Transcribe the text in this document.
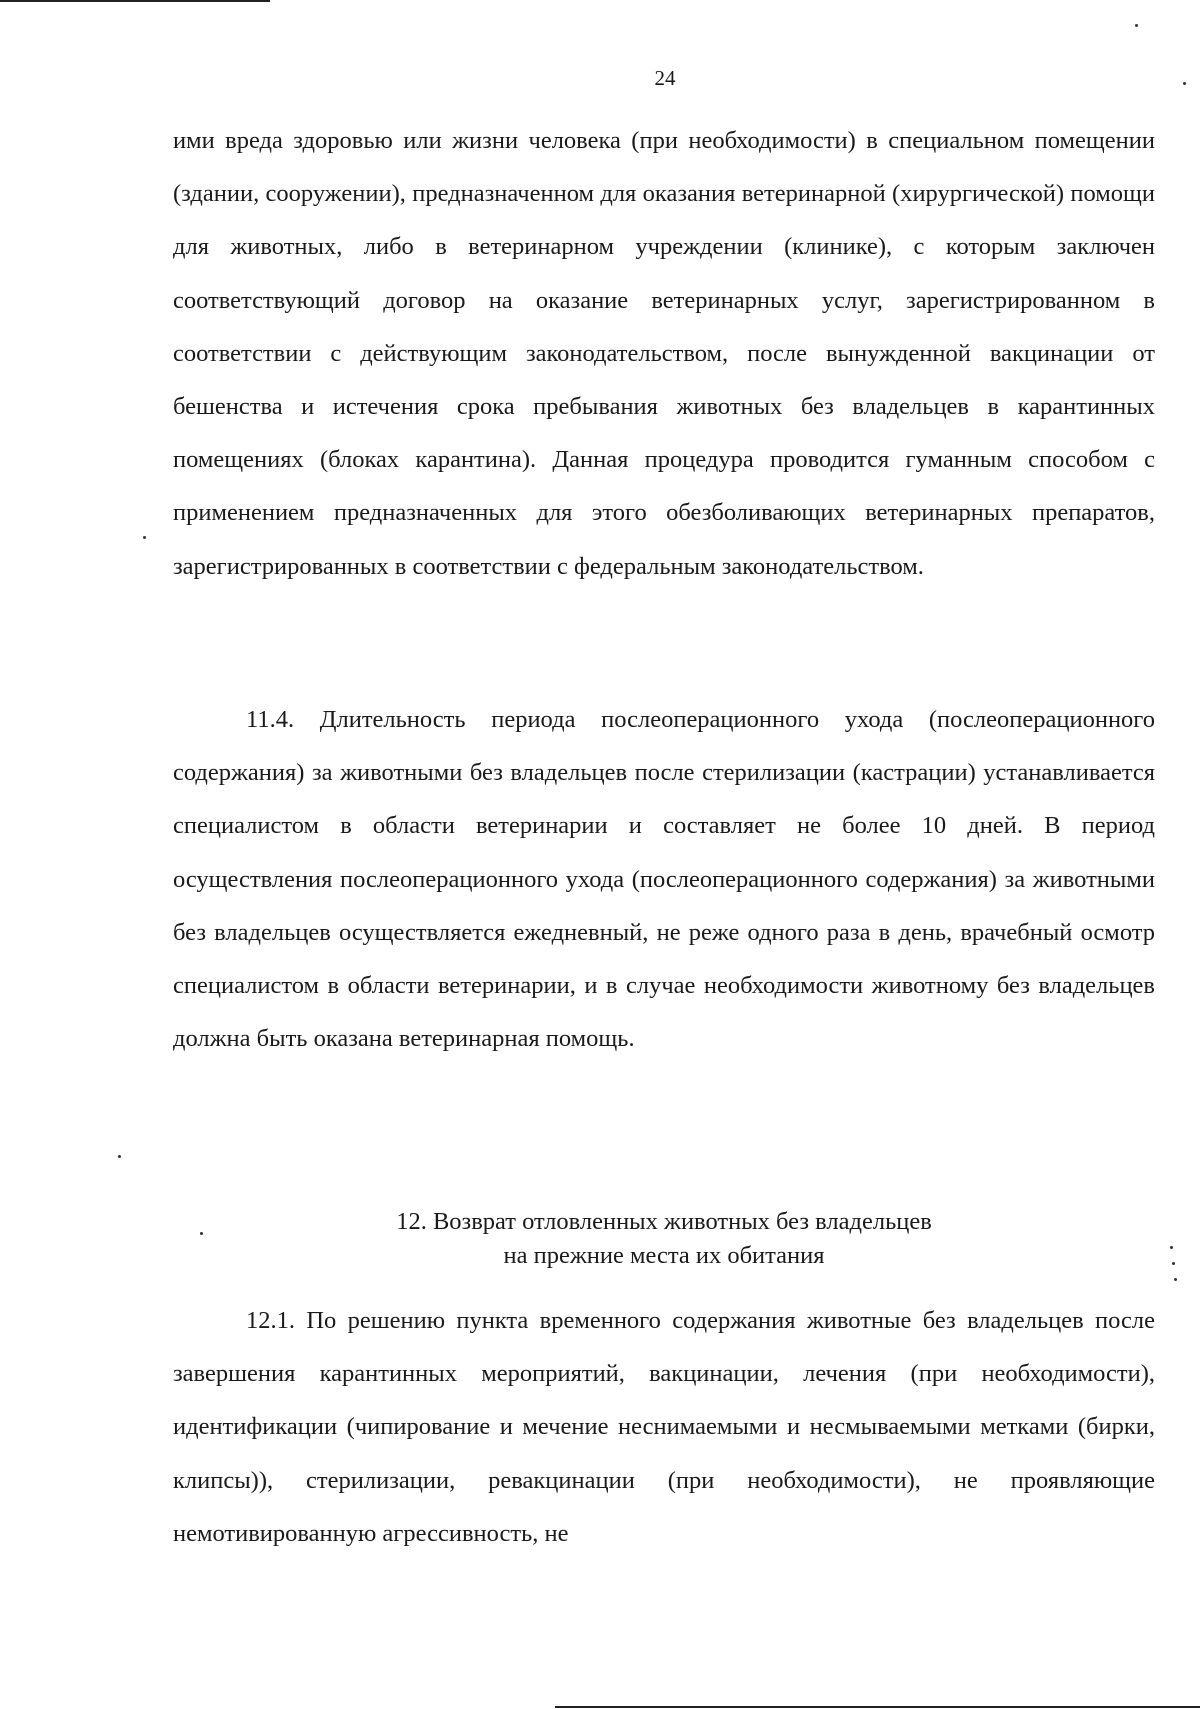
24

ими вреда здоровью или жизни человека (при необходимости) в специальном помещении (здании, сооружении), предназначенном для оказания ветеринарной (хирургической) помощи для животных, либо в ветеринарном учреждении (клинике), с которым заключен соответствующий договор на оказание ветеринарных услуг, зарегистрированном в соответствии с действующим законодательством, после вынужденной вакцинации от бешенства и истечения срока пребывания животных без владельцев в карантинных помещениях (блоках карантина). Данная процедура проводится гуманным способом с применением предназначенных для этого обезболивающих ветеринарных препаратов, зарегистрированных в соответствии с федеральным законодательством.

11.4. Длительность периода послеоперационного ухода (послеоперационного содержания) за животными без владельцев после стерилизации (кастрации) устанавливается специалистом в области ветеринарии и составляет не более 10 дней. В период осуществления послеоперационного ухода (послеоперационного содержания) за животными без владельцев осуществляется ежедневный, не реже одного раза в день, врачебный осмотр специалистом в области ветеринарии, и в случае необходимости животному без владельцев должна быть оказана ветеринарная помощь.

12. Возврат отловленных животных без владельцев
на прежние места их обитания

12.1. По решению пункта временного содержания животные без владельцев после завершения карантинных мероприятий, вакцинации, лечения (при необходимости), идентификации (чипирование и мечение неснимаемыми и несмываемыми метками (бирки, клипсы)), стерилизации, ревакцинации (при необходимости), не проявляющие немотивированную агрессивность, не
